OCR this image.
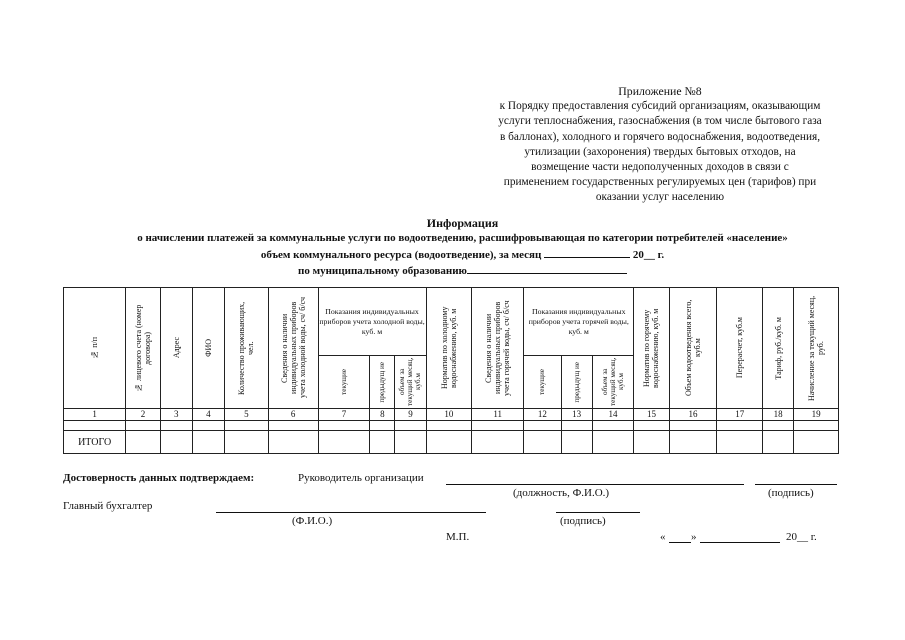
Приложение №8
к Порядку предоставления субсидий организациям, оказывающим
услуги теплоснабжения, газоснабжения (в том числе бытового газа
в баллонах), холодного и горячего водоснабжения, водоотведения,
утилизации (захоронения) твердых бытовых отходов, на
возмещение части недополученных доходов в связи с
применением государственных регулируемых цен (тарифов) при
оказании услуг населению
Информация
о начислении платежей за коммунальные услуги по водоотведению, расшифровывающая по категории потребителей «население»
объем коммунального ресурса (водоотведение), за месяц	20__ г.
по муниципальному образованию
№ п/п	№ лицевого счета (номер договора)	Адрес	ФИО	Количество проживающих, чел.	Сведения о наличии индивидуальных приборов учета холодной воды, сч/ б/сч	Показания индивидуальных приборов учета холодной воды, куб. м			Норматив по холодному водоснабжению, куб. м	Сведения о наличии индивидуальных приборов учета горячей воды, сч/ б/сч	Показания индивидуальных приборов учета горячей воды, куб. м			Норматив по горячему водоснабжению, куб. м	Объем водоотведения всего, куб.м	Перерасчет, куб.м	Тариф, руб./куб. м	Начисление за текущий месяц, руб.

						текущие	предыдущ ие	объем за текущий месяц, куб.м			текущие	предыдущ ие	объем за текущий месяц, куб.м					

1	2	3	4	5	6	7	8	9	10	11	12	13	14	15	16	17	18	19

ИТОГО																		
Достоверность данных подтверждаем:	Руководитель организации
(должность, Ф.И.О.)	(подпись)
Главный бухгалтер
(Ф.И.О.)	(подпись)
М.П.	« »	20__ г.
